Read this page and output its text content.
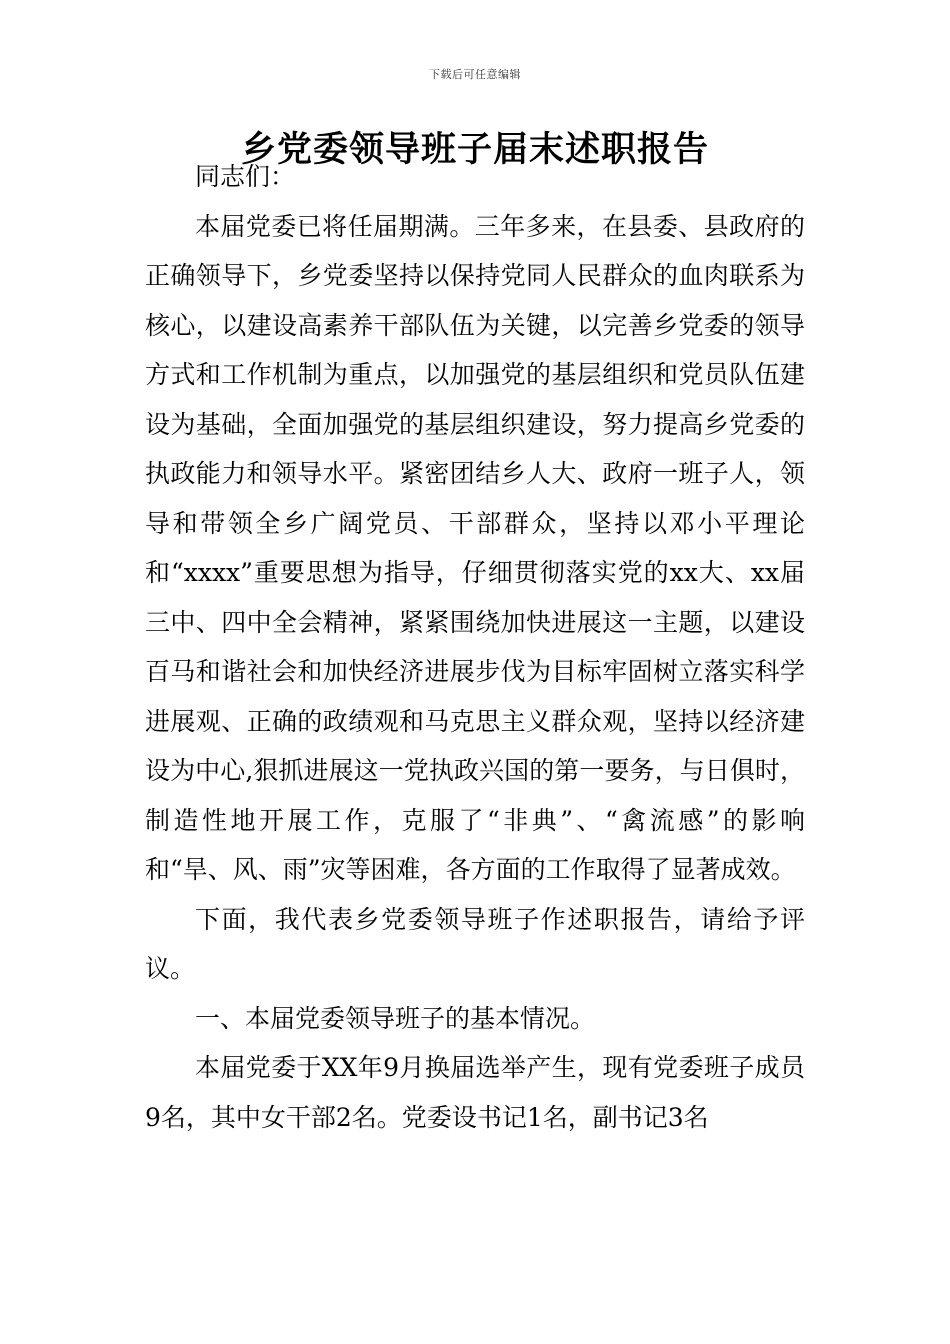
下载后可任意编辑
乡党委领导班子届末述职报告

同志们：

本届党委已将任届期满。三年多来，在县委、县政府的正确领导下，乡党委坚持以保持党同人民群众的血肉联系为核心，以建设高素养干部队伍为关键，以完善乡党委的领导方式和工作机制为重点，以加强党的基层组织和党员队伍建设为基础，全面加强党的基层组织建设，努力提高乡党委的执政能力和领导水平。紧密团结乡人大、政府一班子人，领导和带领全乡广阔党员、干部群众，坚持以邓小平理论和“xxxx”重要思想为指导，仔细贯彻落实党的xx大、xx届三中、四中全会精神，紧紧围绕加快进展这一主题，以建设百马和谐社会和加快经济进展步伐为目标牢固树立落实科学进展观、正确的政绩观和马克思主义群众观，坚持以经济建设为中心,狠抓进展这一党执政兴国的第一要务，与日俱时，制造性地开展工作，克服了“非典”、“禽流感”的影响和“旱、风、雨”灾等困难，各方面的工作取得了显著成效。

下面，我代表乡党委领导班子作述职报告，请给予评议。

一、本届党委领导班子的基本情况。

本届党委于XX年9月换届选举产生，现有党委班子成员9名，其中女干部2名。党委设书记1名，副书记3名
